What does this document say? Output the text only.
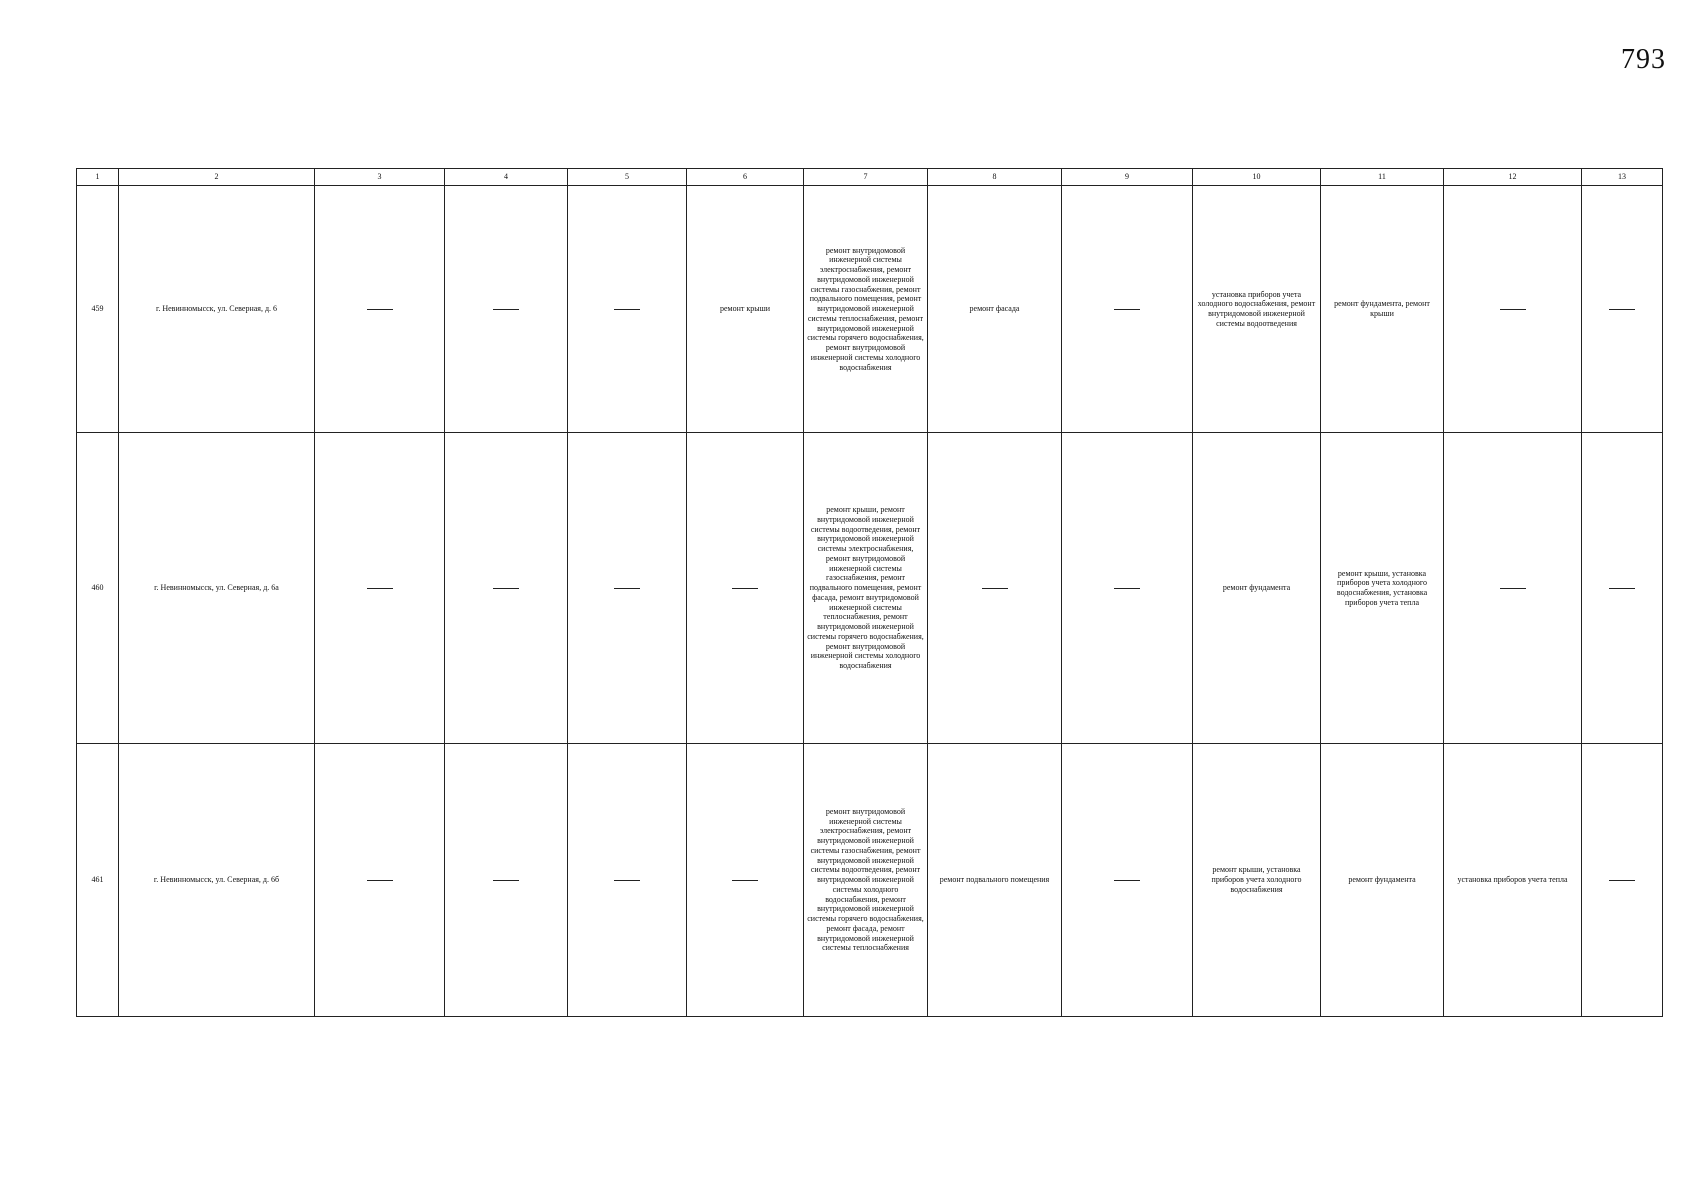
793
1	2	3	4	5	6	7	8	9	10	11	12	13
459	г. Невинномысск, ул. Северная, д. 6				ремонт крыши	ремонт внутридомовой инженерной системы электроснабжения, ремонт внутридомовой инженерной системы газоснабжения, ремонт подвального помещения, ремонт внутридомовой инженерной системы теплоснабжения, ремонт внутридомовой инженерной системы горячего водоснабжения, ремонт внутридомовой инженерной системы холодного водоснабжения	ремонт фасада		установка приборов учета холодного водоснабжения, ремонт внутридомовой инженерной системы водоотведения	ремонт фундамента, ремонт крыши		
460	г. Невинномысск, ул. Северная, д. 6а					ремонт крыши, ремонт внутридомовой инженерной системы водоотведения, ремонт внутридомовой инженерной системы электроснабжения, ремонт внутридомовой инженерной системы газоснабжения, ремонт подвального помещения, ремонт фасада, ремонт внутридомовой инженерной системы теплоснабжения, ремонт внутридомовой инженерной системы горячего водоснабжения, ремонт внутридомовой инженерной системы холодного водоснабжения			ремонт фундамента	ремонт крыши, установка приборов учета холодного водоснабжения, установка приборов учета тепла		
461	г. Невинномысск, ул. Северная, д. 6б					ремонт внутридомовой инженерной системы электроснабжения, ремонт внутридомовой инженерной системы газоснабжения, ремонт внутридомовой инженерной системы водоотведения, ремонт внутридомовой инженерной системы холодного водоснабжения, ремонт внутридомовой инженерной системы горячего водоснабжения, ремонт фасада, ремонт внутридомовой инженерной системы теплоснабжения	ремонт подвального помещения		ремонт крыши, установка приборов учета холодного водоснабжения	ремонт фундамента	установка приборов учета тепла	
